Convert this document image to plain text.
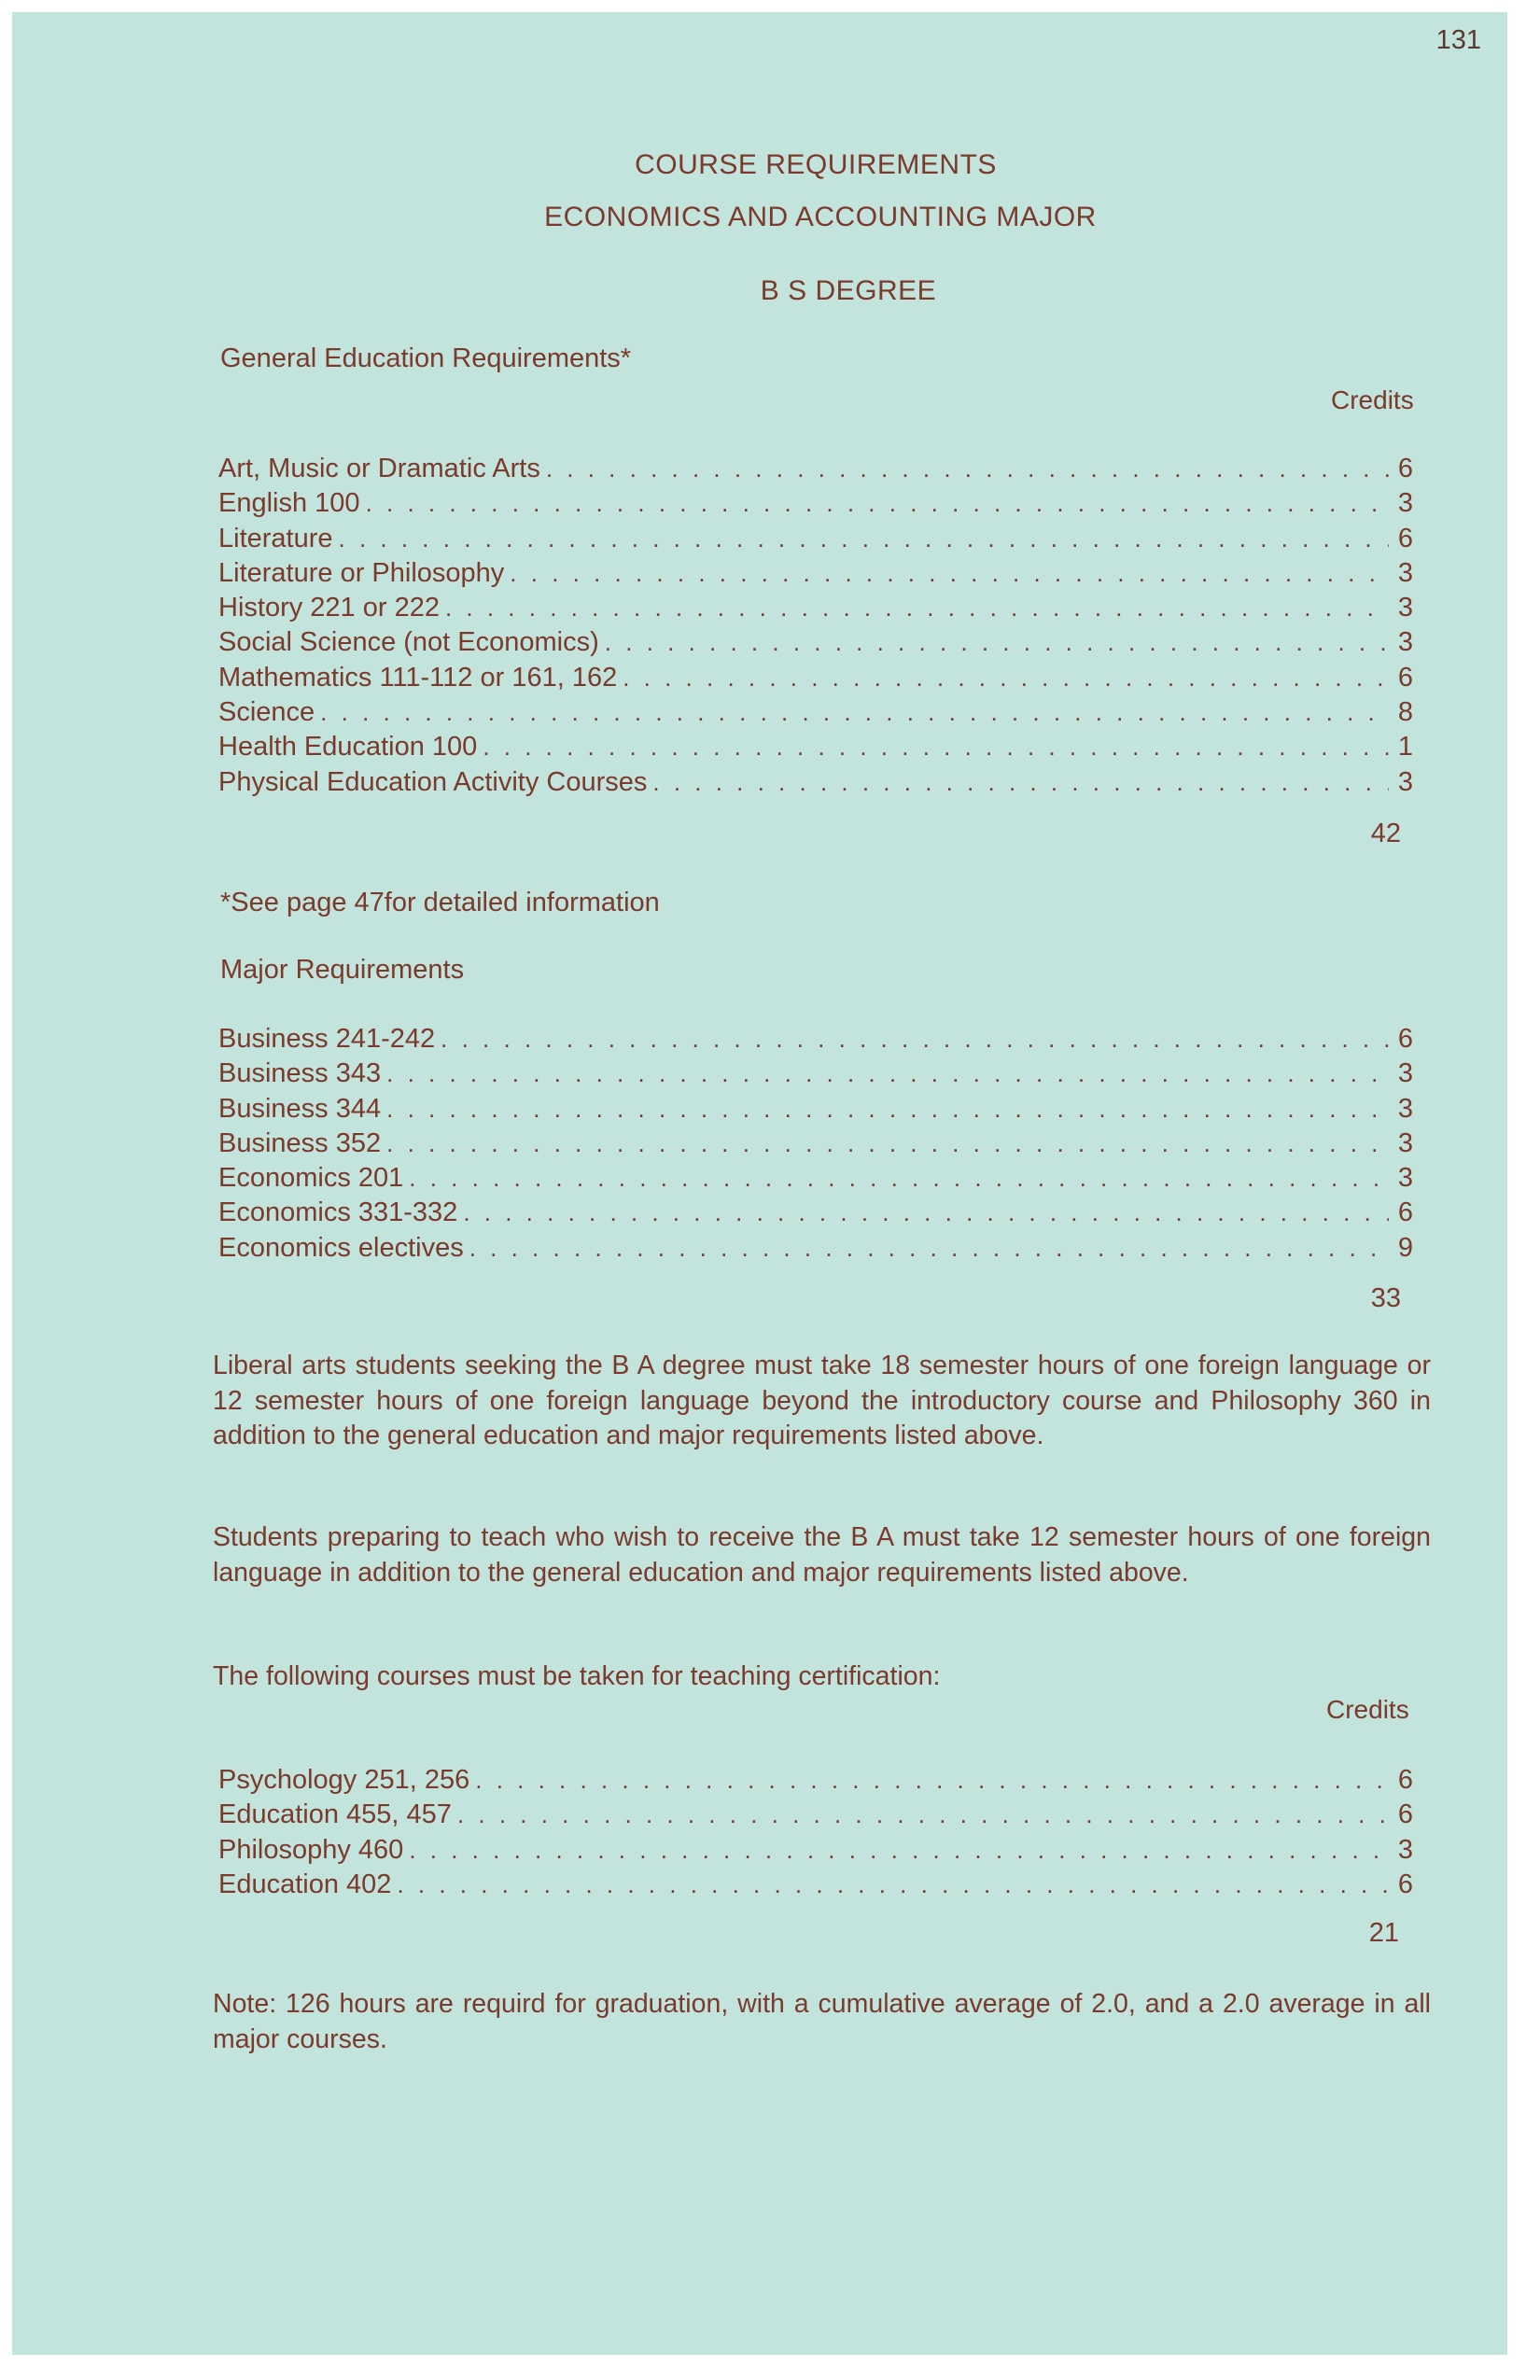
131
COURSE REQUIREMENTS
ECONOMICS AND ACCOUNTING MAJOR
B S DEGREE
General Education Requirements*
Credits
Art, Music or Dramatic Arts . . .	6
English 100 . . .	3
Literature . . .	6
Literature or Philosophy . . .	3
History 221 or 222 . . .	3
Social Science (not Economics) . . .	3
Mathematics 111-112 or 161, 162 . . .	6
Science . . .	8
Health Education 100 . . .	1
Physical Education Activity Courses . . .	3
42
*See page 47for detailed information
Major Requirements
Business 241-242 . . .	6
Business 343 . . .	3
Business 344 . . .	3
Business 352 . . .	3
Economics 201 . . .	3
Economics 331-332 . . .	6
Economics electives . . .	9
33

Liberal arts students seeking the B A degree must take 18 semester hours of one foreign language or 12 semester hours of one foreign language beyond the introductory course and Philosophy 360 in addition to the general education and major requirements listed above.

Students preparing to teach who wish to receive the B A must take 12 semester hours of one foreign language in addition to the general education and major requirements listed above.

The following courses must be taken for teaching certification:

Credits
Psychology 251, 256 . . .	6
Education 455, 457 . . .	6
Philosophy 460 . . .	3
Education 402 . . .	6
21

Note: 126 hours are requird for graduation, with a cumulative average of 2.0, and a 2.0 average in all major courses.
